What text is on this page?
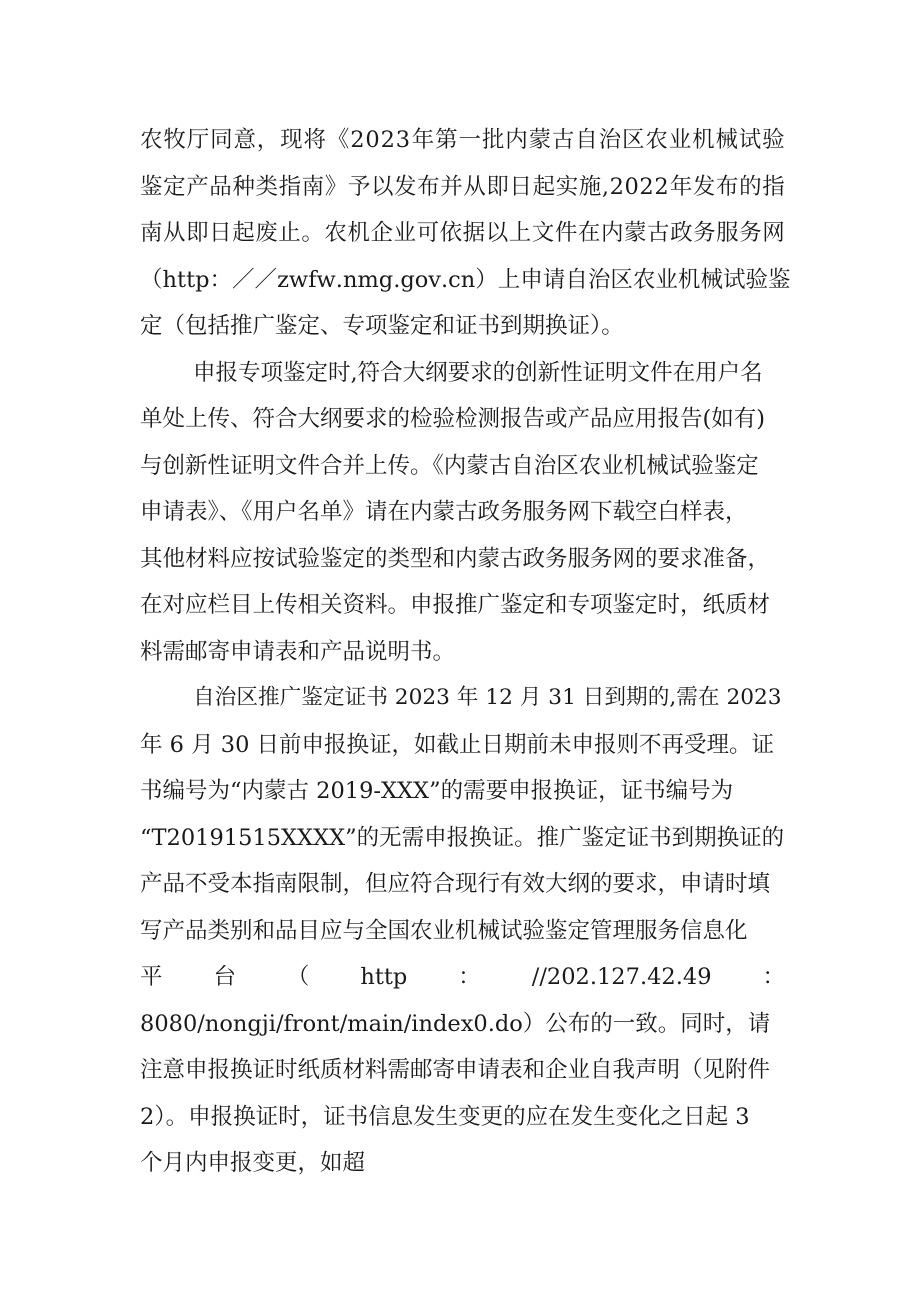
农 牧 厅 同 意 ， 现 将 《 2 0 2 3 年 第 一 批 内 蒙 古 自 治 区 农 业 机 械 试 验
鉴 定 产 品 种 类 指 南 》 予 以 发 布 并 从 即 日 起 实 施 , 2 0 2 2 年 发 布 的 指
南 从 即 日 起 废 止 。 农 机 企 业 可 依 据 以 上 文 件 在 内 蒙 古 政 务 服 务 网
（ h t t p ： ／ ／ z w f w . n m g . g o v . c n ） 上 申 请 自 治 区 农 业 机 械 试 验 鉴
定（包括推广鉴定、专项鉴定和证书到期换证）。
申报专项鉴定时,符合大纲要求的创新性证明文件在用户名
单处上传、符合大纲要求的检验检测报告或产品应用报告(如有)
与创新性证明文件合并上传。《内蒙古自治区农业机械试验鉴定
申请表》、《用户名单》请在内蒙古政务服务网下载空白样表，
其他材料应按试验鉴定的类型和内蒙古政务服务网的要求准备，
在对应栏目上传相关资料。申报推广鉴定和专项鉴定时，纸质材
料需邮寄申请表和产品说明书。
自治区推广鉴定证书 2023 年 12 月 31 日到期的,需在 2023
年 6 月 30 日前申报换证，如截止日期前未申报则不再受理。证
书编号为“内蒙古 2019-XXX”的需要申报换证，证书编号为
“T20191515XXXX”的无需申报换证。推广鉴定证书到期换证的
产品不受本指南限制，但应符合现行有效大纲的要求，申请时填
写产品类别和品目应与全国农业机械试验鉴定管理服务信息化
平 台 （ http ： //202.127.42.49 ：
8080/nongji/front/main/index0.do）公布的一致。同时，请
注意申报换证时纸质材料需邮寄申请表和企业自我声明（见附件
2）。申报换证时，证书信息发生变更的应在发生变化之日起 3
个月内申报变更，如超
